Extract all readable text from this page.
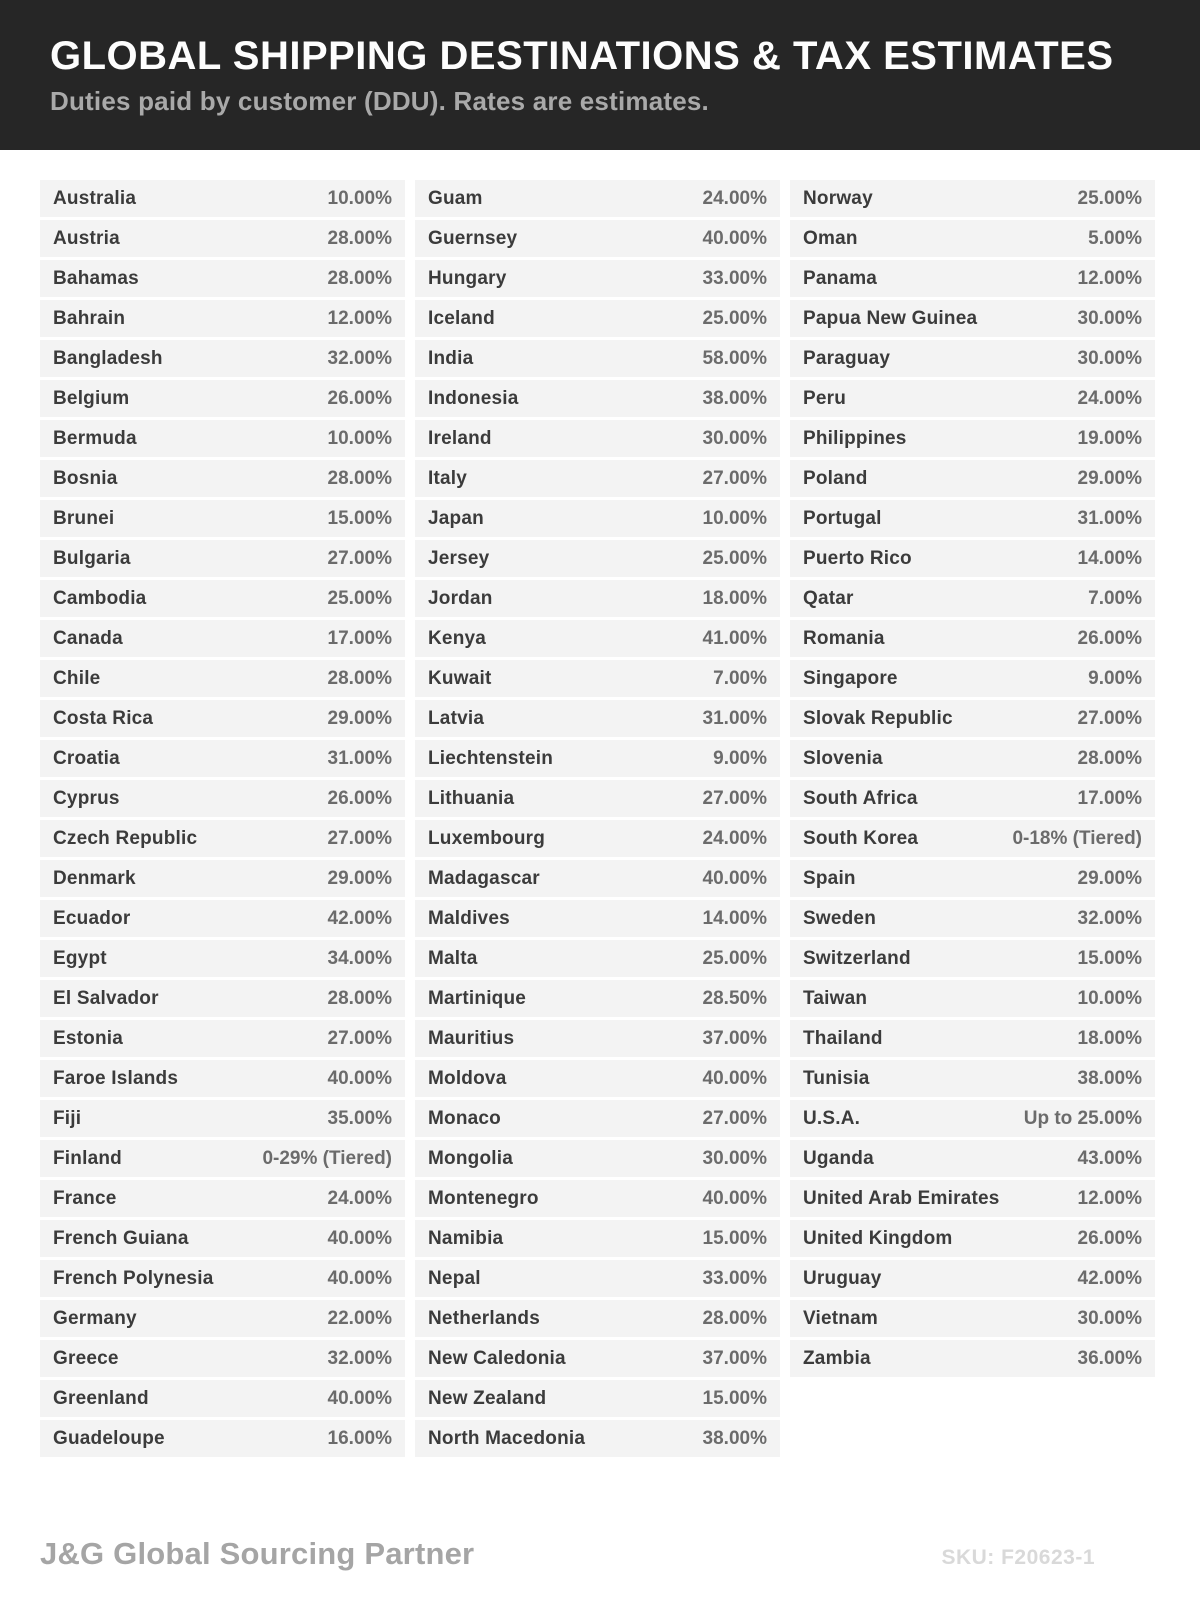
GLOBAL SHIPPING DESTINATIONS & TAX ESTIMATES
Duties paid by customer (DDU). Rates are estimates.
Australia	10.00%
Austria	28.00%
Bahamas	28.00%
Bahrain	12.00%
Bangladesh	32.00%
Belgium	26.00%
Bermuda	10.00%
Bosnia	28.00%
Brunei	15.00%
Bulgaria	27.00%
Cambodia	25.00%
Canada	17.00%
Chile	28.00%
Costa Rica	29.00%
Croatia	31.00%
Cyprus	26.00%
Czech Republic	27.00%
Denmark	29.00%
Ecuador	42.00%
Egypt	34.00%
El Salvador	28.00%
Estonia	27.00%
Faroe Islands	40.00%
Fiji	35.00%
Finland	0-29% (Tiered)
France	24.00%
French Guiana	40.00%
French Polynesia	40.00%
Germany	22.00%
Greece	32.00%
Greenland	40.00%
Guadeloupe	16.00%
Guam	24.00%
Guernsey	40.00%
Hungary	33.00%
Iceland	25.00%
India	58.00%
Indonesia	38.00%
Ireland	30.00%
Italy	27.00%
Japan	10.00%
Jersey	25.00%
Jordan	18.00%
Kenya	41.00%
Kuwait	7.00%
Latvia	31.00%
Liechtenstein	9.00%
Lithuania	27.00%
Luxembourg	24.00%
Madagascar	40.00%
Maldives	14.00%
Malta	25.00%
Martinique	28.50%
Mauritius	37.00%
Moldova	40.00%
Monaco	27.00%
Mongolia	30.00%
Montenegro	40.00%
Namibia	15.00%
Nepal	33.00%
Netherlands	28.00%
New Caledonia	37.00%
New Zealand	15.00%
North Macedonia	38.00%
Norway	25.00%
Oman	5.00%
Panama	12.00%
Papua New Guinea	30.00%
Paraguay	30.00%
Peru	24.00%
Philippines	19.00%
Poland	29.00%
Portugal	31.00%
Puerto Rico	14.00%
Qatar	7.00%
Romania	26.00%
Singapore	9.00%
Slovak Republic	27.00%
Slovenia	28.00%
South Africa	17.00%
South Korea	0-18% (Tiered)
Spain	29.00%
Sweden	32.00%
Switzerland	15.00%
Taiwan	10.00%
Thailand	18.00%
Tunisia	38.00%
U.S.A.	Up to 25.00%
Uganda	43.00%
United Arab Emirates	12.00%
United Kingdom	26.00%
Uruguay	42.00%
Vietnam	30.00%
Zambia	36.00%
J&G Global Sourcing Partner	SKU: F20623-1
